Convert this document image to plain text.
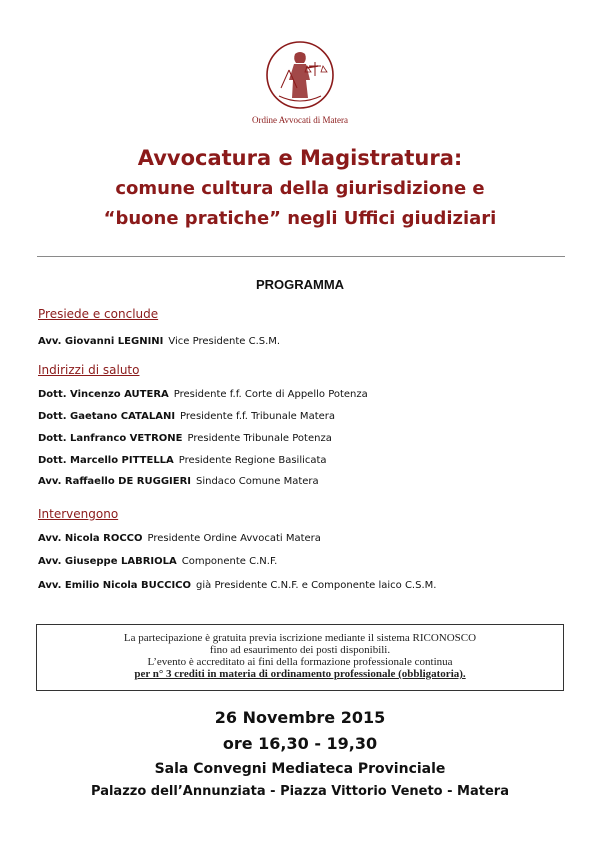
Ordine Avvocati di Matera
Avvocatura e Magistratura:
comune cultura della giurisdizione e
“buone pratiche” negli Uffici giudiziari
PROGRAMMA
Presiede e conclude
Avv. Giovanni LEGNINI Vice Presidente C.S.M.
Indirizzi di saluto
Dott. Vincenzo AUTERA Presidente f.f. Corte di Appello Potenza
Dott. Gaetano CATALANI Presidente f.f. Tribunale Matera
Dott. Lanfranco VETRONE Presidente Tribunale Potenza
Dott. Marcello PITTELLA Presidente Regione Basilicata
Avv. Raffaello DE RUGGIERI Sindaco Comune Matera
Intervengono
Avv. Nicola ROCCO Presidente Ordine Avvocati Matera
Avv. Giuseppe LABRIOLA Componente C.N.F.
Avv. Emilio Nicola BUCCICO già Presidente C.N.F. e Componente laico C.S.M.
La partecipazione è gratuita previa iscrizione mediante il sistema RICONOSCO
fino ad esaurimento dei posti disponibili.
L’evento è accreditato ai fini della formazione professionale continua
per n° 3 crediti in materia di ordinamento professionale (obbligatoria).
26 Novembre 2015
ore 16,30 - 19,30
Sala Convegni Mediateca Provinciale
Palazzo dell’Annunziata - Piazza Vittorio Veneto - Matera
